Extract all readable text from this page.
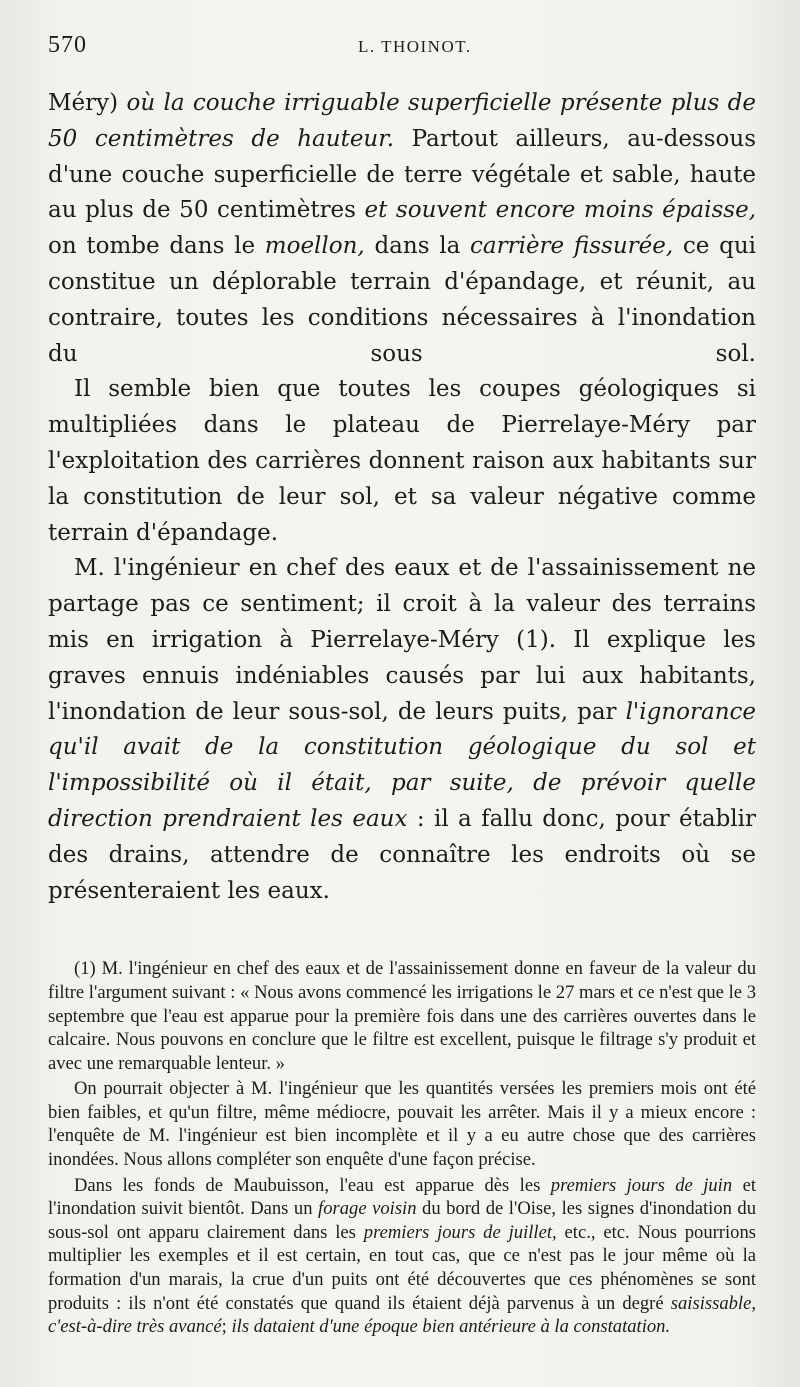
570	L. THOINOT.

Méry) où la couche irriguable superficielle présente plus de 50 centimètres de hauteur. Partout ailleurs, au-dessous d'une couche superficielle de terre végétale et sable, haute au plus de 50 centimètres et souvent encore moins épaisse, on tombe dans le moellon, dans la carrière fissurée, ce qui constitue un déplorable terrain d'épandage, et réunit, au contraire, toutes les conditions nécessaires à l'inondation du sous sol.

Il semble bien que toutes les coupes géologiques si multipliées dans le plateau de Pierrelaye-Méry par l'exploitation des carrières donnent raison aux habitants sur la constitution de leur sol, et sa valeur négative comme terrain d'épandage.

M. l'ingénieur en chef des eaux et de l'assainissement ne partage pas ce sentiment; il croit à la valeur des terrains mis en irrigation à Pierrelaye-Méry (1). Il explique les graves ennuis indéniables causés par lui aux habitants, l'inondation de leur sous-sol, de leurs puits, par l'ignorance qu'il avait de la constitution géologique du sol et l'impossibilité où il était, par suite, de prévoir quelle direction prendraient les eaux : il a fallu donc, pour établir des drains, attendre de connaître les endroits où se présenteraient les eaux.

(1) M. l'ingénieur en chef des eaux et de l'assainissement donne en faveur de la valeur du filtre l'argument suivant : « Nous avons commencé les irrigations le 27 mars et ce n'est que le 3 septembre que l'eau est apparue pour la première fois dans une des carrières ouvertes dans le calcaire. Nous pouvons en conclure que le filtre est excellent, puisque le filtrage s'y produit et avec une remarquable lenteur. »

On pourrait objecter à M. l'ingénieur que les quantités versées les premiers mois ont été bien faibles, et qu'un filtre, même médiocre, pouvait les arrêter. Mais il y a mieux encore : l'enquête de M. l'ingénieur est bien incomplète et il y a eu autre chose que des carrières inondées. Nous allons compléter son enquête d'une façon précise.

Dans les fonds de Maubuisson, l'eau est apparue dès les premiers jours de juin et l'inondation suivit bientôt. Dans un forage voisin du bord de l'Oise, les signes d'inondation du sous-sol ont apparu clairement dans les premiers jours de juillet, etc., etc. Nous pourrions multiplier les exemples et il est certain, en tout cas, que ce n'est pas le jour même où la formation d'un marais, la crue d'un puits ont été découvertes que ces phénomènes se sont produits : ils n'ont été constatés que quand ils étaient déjà parvenus à un degré saisissable, c'est-à-dire très avancé; ils dataient d'une époque bien antérieure à la constatation.
